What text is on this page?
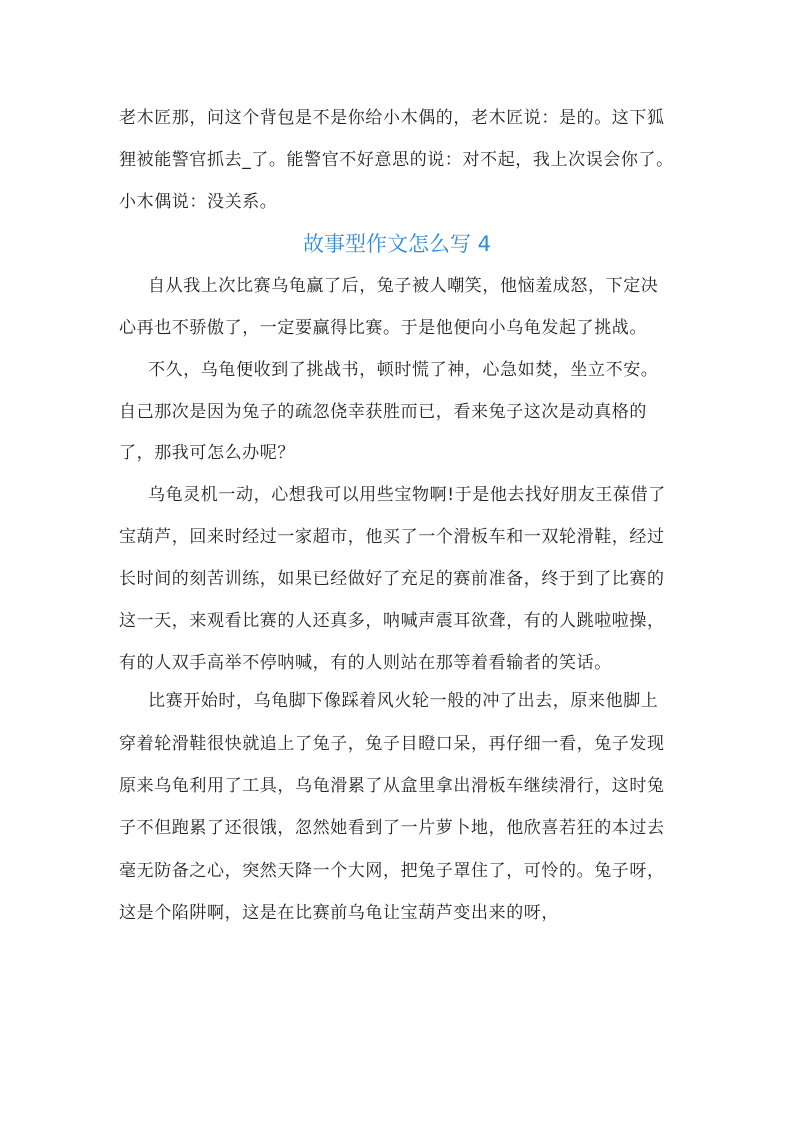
老木匠那，问这个背包是不是你给小木偶的，老木匠说：是的。这下狐
狸被能警官抓去_了。能警官不好意思的说：对不起，我上次误会你了。
小木偶说：没关系。
故事型作文怎么写 4
自从我上次比赛乌龟赢了后，兔子被人嘲笑，他恼羞成怒，下定决
心再也不骄傲了，一定要赢得比赛。于是他便向小乌龟发起了挑战。
不久，乌龟便收到了挑战书，顿时慌了神，心急如焚，坐立不安。
自己那次是因为兔子的疏忽侥幸获胜而已，看来兔子这次是动真格的
了，那我可怎么办呢？
乌龟灵机一动，心想我可以用些宝物啊!于是他去找好朋友王葆借了
宝葫芦，回来时经过一家超市，他买了一个滑板车和一双轮滑鞋，经过
长时间的刻苦训练，如果已经做好了充足的赛前准备，终于到了比赛的
这一天，来观看比赛的人还真多，呐喊声震耳欲聋，有的人跳啦啦操，
有的人双手高举不停呐喊，有的人则站在那等着看输者的笑话。
比赛开始时，乌龟脚下像踩着风火轮一般的冲了出去，原来他脚上
穿着轮滑鞋很快就追上了兔子，兔子目瞪口呆，再仔细一看，兔子发现
原来乌龟利用了工具，乌龟滑累了从盒里拿出滑板车继续滑行，这时兔
子不但跑累了还很饿，忽然她看到了一片萝卜地，他欣喜若狂的本过去
毫无防备之心，突然天降一个大网，把兔子罩住了，可怜的。兔子呀，
这是个陷阱啊，这是在比赛前乌龟让宝葫芦变出来的呀，
